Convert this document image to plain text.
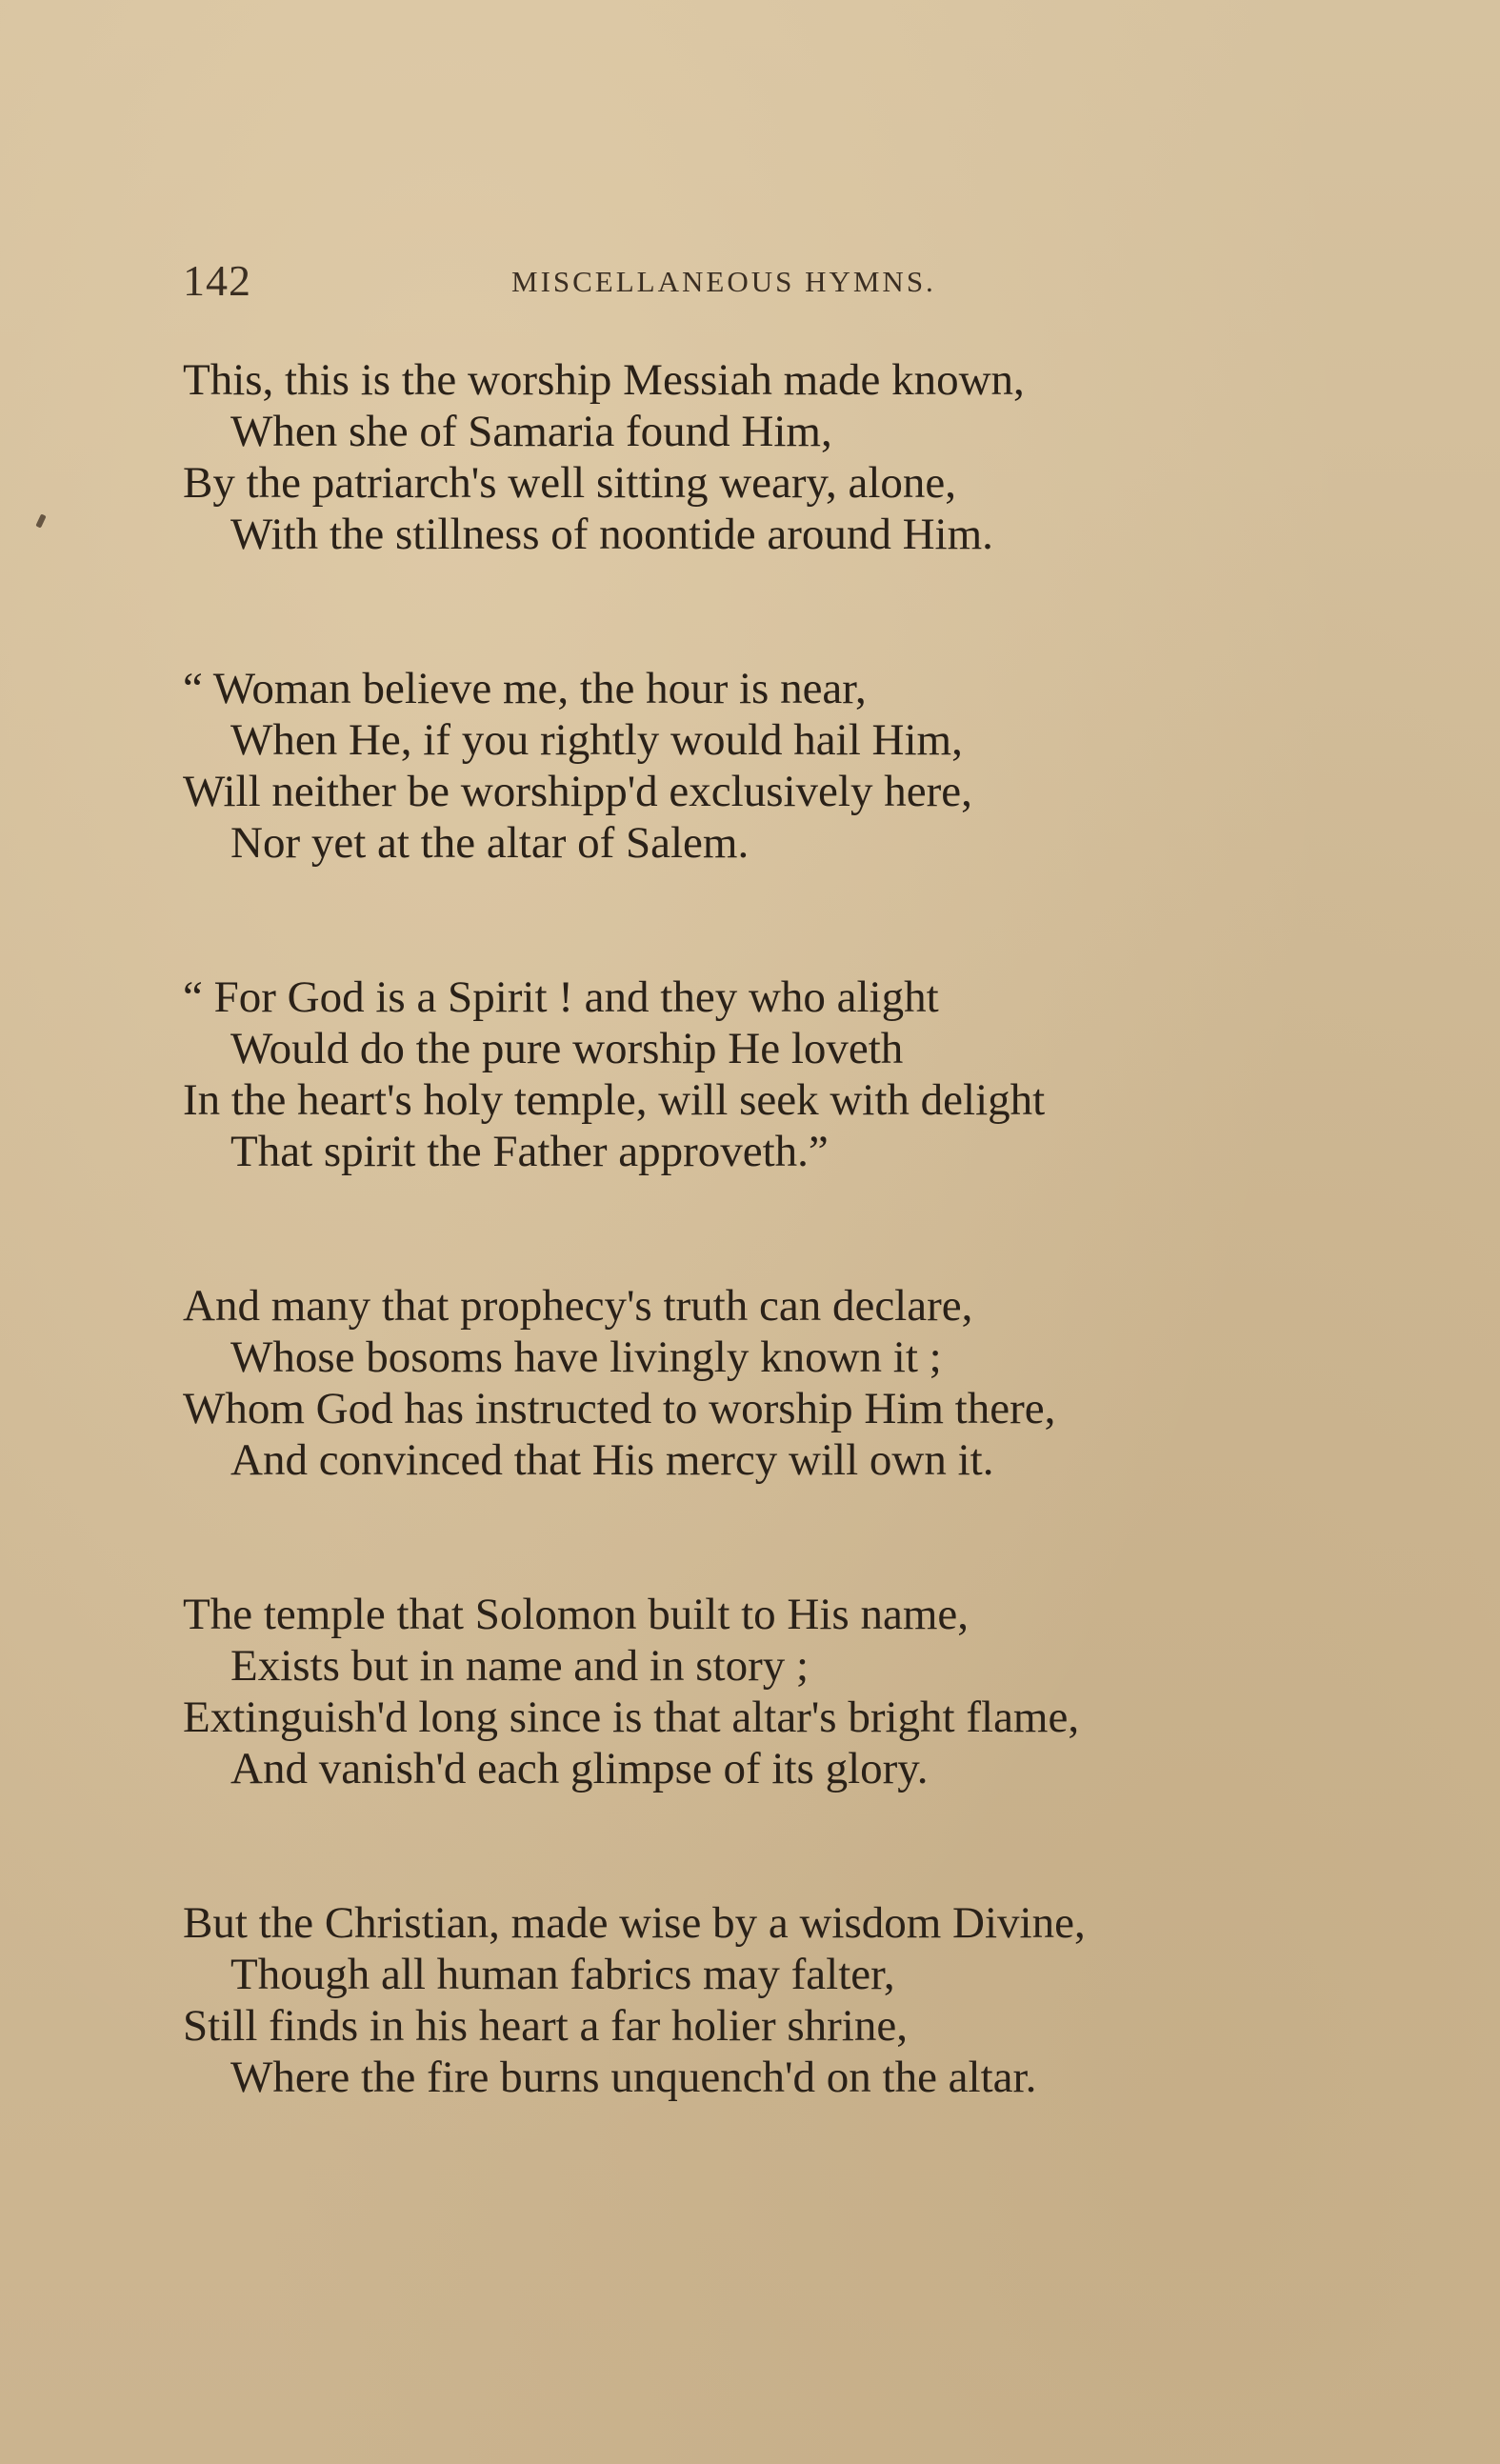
142	MISCELLANEOUS HYMNS.
This, this is the worship Messiah made known,
When she of Samaria found Him,
By the patriarch's well sitting weary, alone,
With the stillness of noontide around Him.
“ Woman believe me, the hour is near,
When He, if you rightly would hail Him,
Will neither be worshipp'd exclusively here,
Nor yet at the altar of Salem.
“ For God is a Spirit ! and they who alight
Would do the pure worship He loveth
In the heart's holy temple, will seek with delight
That spirit the Father approveth.”
And many that prophecy's truth can declare,
Whose bosoms have livingly known it ;
Whom God has instructed to worship Him there,
And convinced that His mercy will own it.
The temple that Solomon built to His name,
Exists but in name and in story ;
Extinguish'd long since is that altar's bright flame,
And vanish'd each glimpse of its glory.
But the Christian, made wise by a wisdom Divine,
Though all human fabrics may falter,
Still finds in his heart a far holier shrine,
Where the fire burns unquench'd on the altar.
